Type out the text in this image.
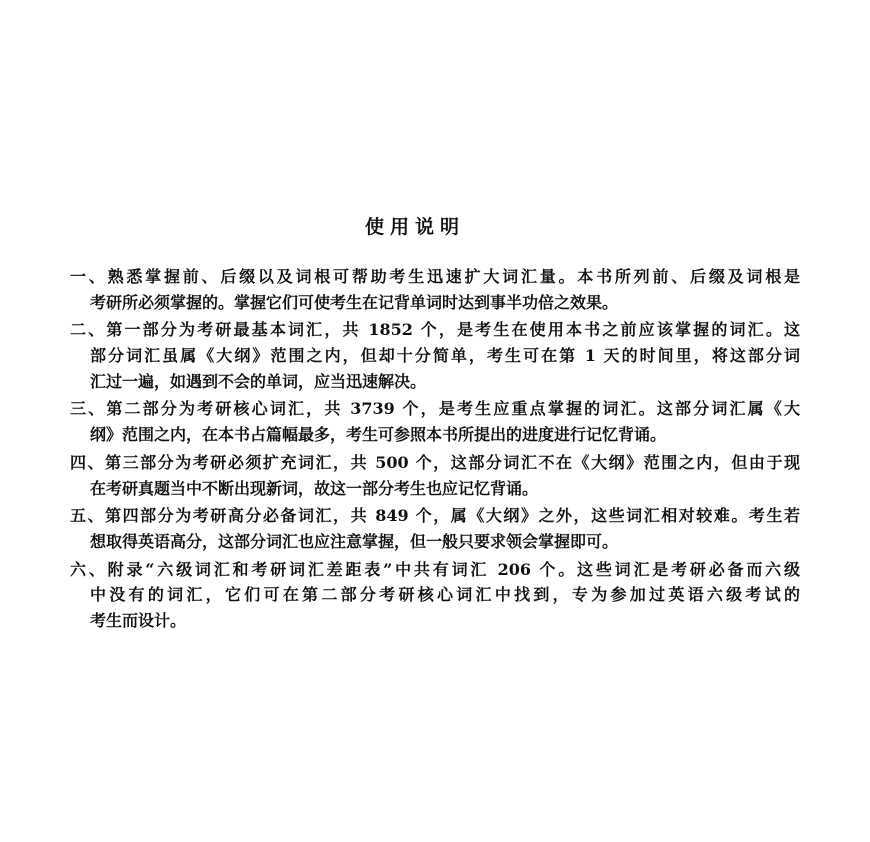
使用说明
一、熟悉掌握前、后缀以及词根可帮助考生迅速扩大词汇量。本书所列前、后缀及词根是
考研所必须掌握的。掌握它们可使考生在记背单词时达到事半功倍之效果。
二、第一部分为考研最基本词汇，共 1852 个，是考生在使用本书之前应该掌握的词汇。这
部分词汇虽属《大纲》范围之内，但却十分简单，考生可在第 1 天的时间里，将这部分词
汇过一遍，如遇到不会的单词，应当迅速解决。
三、第二部分为考研核心词汇，共 3739 个，是考生应重点掌握的词汇。这部分词汇属《大
纲》范围之内，在本书占篇幅最多，考生可参照本书所提出的进度进行记忆背诵。
四、第三部分为考研必须扩充词汇，共 500 个，这部分词汇不在《大纲》范围之内，但由于现
在考研真题当中不断出现新词，故这一部分考生也应记忆背诵。
五、第四部分为考研高分必备词汇，共 849 个，属《大纲》之外，这些词汇相对较难。考生若
想取得英语高分，这部分词汇也应注意掌握，但一般只要求领会掌握即可。
六、附录“六级词汇和考研词汇差距表”中共有词汇 206 个。这些词汇是考研必备而六级
中没有的词汇，它们可在第二部分考研核心词汇中找到，专为参加过英语六级考试的
考生而设计。
